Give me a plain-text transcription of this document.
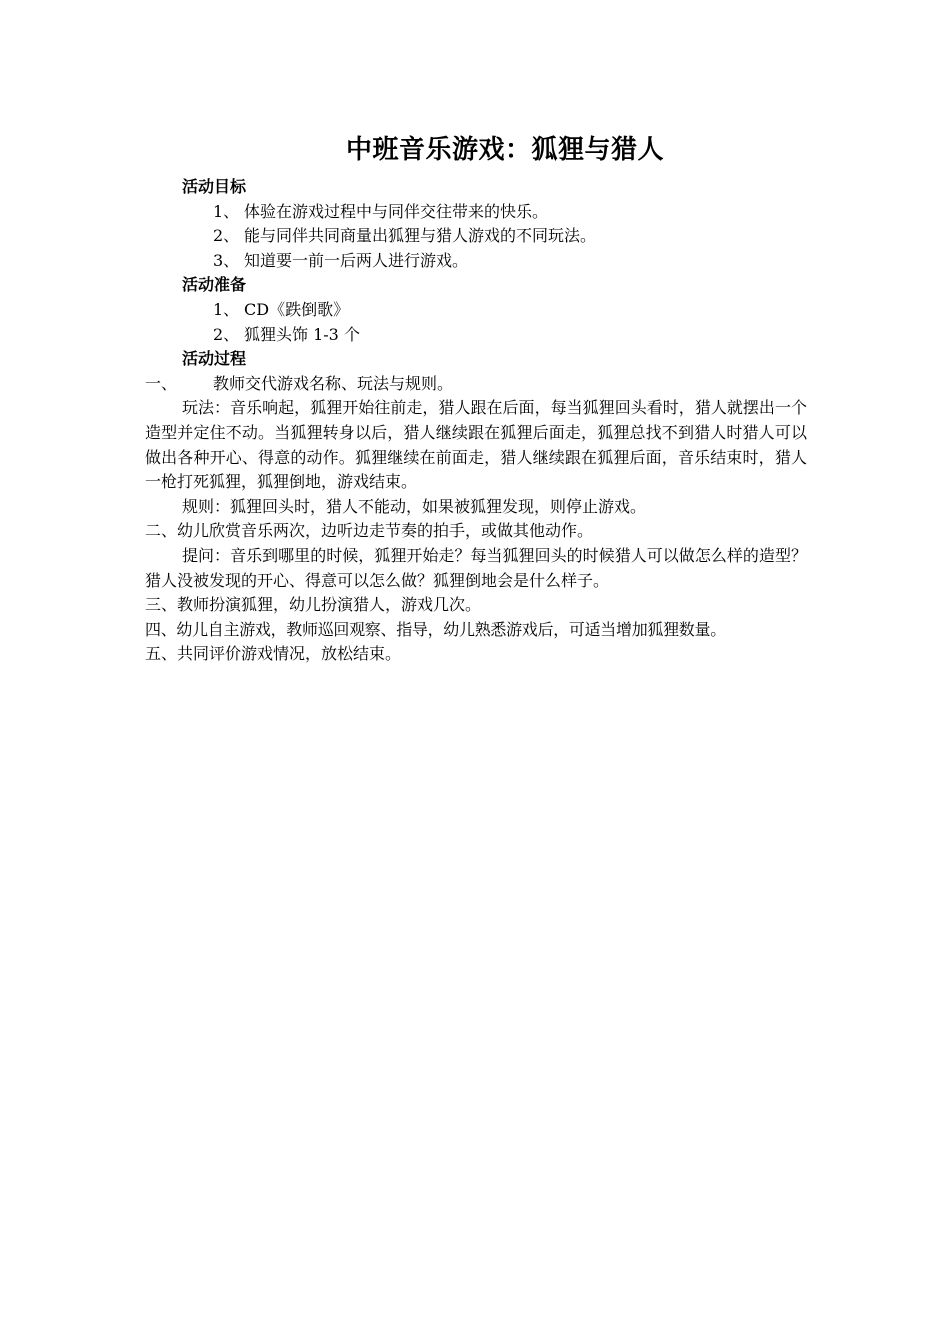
中班音乐游戏：狐狸与猎人
活动目标
1、 体验在游戏过程中与同伴交往带来的快乐。
2、 能与同伴共同商量出狐狸与猎人游戏的不同玩法。
3、 知道要一前一后两人进行游戏。
活动准备
1、 CD《跌倒歌》
2、 狐狸头饰 1-3 个
活动过程
一、 教师交代游戏名称、玩法与规则。
玩法：音乐响起，狐狸开始往前走，猎人跟在后面，每当狐狸回头看时，猎人就摆出一个造型并定住不动。当狐狸转身以后，猎人继续跟在狐狸后面走，狐狸总找不到猎人时猎人可以做出各种开心、得意的动作。狐狸继续在前面走，猎人继续跟在狐狸后面，音乐结束时，猎人一枪打死狐狸，狐狸倒地，游戏结束。
规则：狐狸回头时，猎人不能动，如果被狐狸发现，则停止游戏。
二、幼儿欣赏音乐两次，边听边走节奏的拍手，或做其他动作。
提问：音乐到哪里的时候，狐狸开始走？每当狐狸回头的时候猎人可以做怎么样的造型？猎人没被发现的开心、得意可以怎么做？狐狸倒地会是什么样子。
三、教师扮演狐狸，幼儿扮演猎人，游戏几次。
四、幼儿自主游戏，教师巡回观察、指导，幼儿熟悉游戏后，可适当增加狐狸数量。
五、共同评价游戏情况，放松结束。
